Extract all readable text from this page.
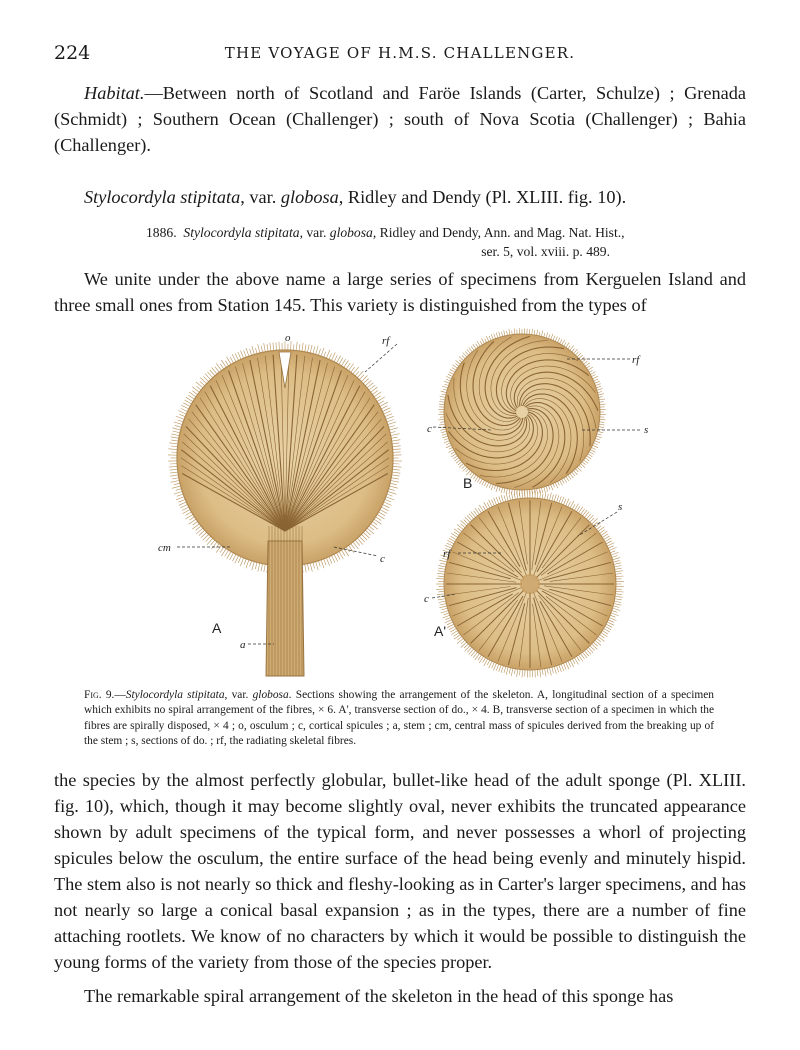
224	THE VOYAGE OF H.M.S. CHALLENGER.

Habitat.—Between north of Scotland and Faröe Islands (Carter, Schulze) ; Grenada (Schmidt) ; Southern Ocean (Challenger) ; south of Nova Scotia (Challenger) ; Bahia (Challenger).

Stylocordyla stipitata, var. globosa, Ridley and Dendy (Pl. XLIII. fig. 10).
1886. Stylocordyla stipitata, var. globosa, Ridley and Dendy, Ann. and Mag. Nat. Hist.,
ser. 5, vol. xviii. p. 489.

We unite under the above name a large series of specimens from Kerguelen Island and three small ones from Station 145. This variety is distinguished from the types of

o	rf
cm
c
A
a
rf
c	s
B
s
rf
c
A'
Fig. 9.—Stylocordyla stipitata, var. globosa. Sections showing the arrangement of the skeleton. A, longitudinal section of a specimen which exhibits no spiral arrangement of the fibres, × 6. A', transverse section of do., × 4. B, transverse section of a specimen in which the fibres are spirally disposed, × 4 ; o, osculum ; c, cortical spicules ; a, stem ; cm, central mass of spicules derived from the breaking up of the stem ; s, sections of do. ; rf, the radiating skeletal fibres.

the species by the almost perfectly globular, bullet-like head of the adult sponge (Pl. XLIII. fig. 10), which, though it may become slightly oval, never exhibits the truncated appearance shown by adult specimens of the typical form, and never possesses a whorl of projecting spicules below the osculum, the entire surface of the head being evenly and minutely hispid. The stem also is not nearly so thick and fleshy-looking as in Carter's larger specimens, and has not nearly so large a conical basal expansion ; as in the types, there are a number of fine attaching rootlets. We know of no characters by which it would be possible to distinguish the young forms of the variety from those of the species proper.

The remarkable spiral arrangement of the skeleton in the head of this sponge has
